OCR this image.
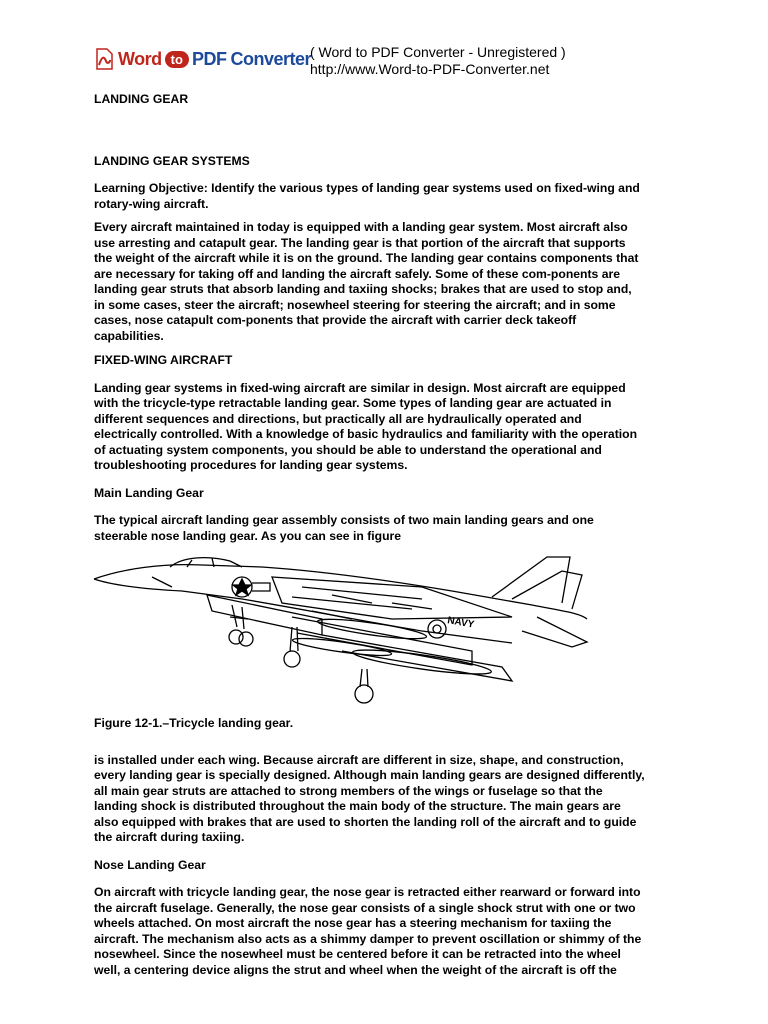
Word to PDF Converter ( Word to PDF Converter - Unregistered )
http://www.Word-to-PDF-Converter.net

LANDING GEAR

LANDING GEAR SYSTEMS

Learning Objective: Identify the various types of landing gear systems used on fixed-wing and
rotary-wing aircraft.

Every aircraft maintained in today is equipped with a landing gear system. Most aircraft also
use arresting and catapult gear. The landing gear is that portion of the aircraft that supports
the weight of the aircraft while it is on the ground. The landing gear contains components that
are necessary for taking off and landing the aircraft safely. Some of these com-ponents are
landing gear struts that absorb landing and taxiing shocks; brakes that are used to stop and,
in some cases, steer the aircraft; nosewheel steering for steering the aircraft; and in some
cases, nose catapult com-ponents that provide the aircraft with carrier deck takeoff
capabilities.

FIXED-WING AIRCRAFT

Landing gear systems in fixed-wing aircraft are similar in design. Most aircraft are equipped
with the tricycle-type retractable landing gear. Some types of landing gear are actuated in
different sequences and directions, but practically all are hydraulically operated and
electrically controlled. With a knowledge of basic hydraulics and familiarity with the operation
of actuating system components, you should be able to understand the operational and
troubleshooting procedures for landing gear systems.

Main Landing Gear

The typical aircraft landing gear assembly consists of two main landing gears and one
steerable nose landing gear. As you can see in figure

Figure 12-1.–Tricycle landing gear.

is installed under each wing. Because aircraft are different in size, shape, and construction,
every landing gear is specially designed. Although main landing gears are designed differently,
all main gear struts are attached to strong members of the wings or fuselage so that the
landing shock is distributed throughout the main body of the structure. The main gears are
also equipped with brakes that are used to shorten the landing roll of the aircraft and to guide
the aircraft during taxiing.

Nose Landing Gear

On aircraft with tricycle landing gear, the nose gear is retracted either rearward or forward into
the aircraft fuselage. Generally, the nose gear consists of a single shock strut with one or two
wheels attached. On most aircraft the nose gear has a steering mechanism for taxiing the
aircraft. The mechanism also acts as a shimmy damper to prevent oscillation or shimmy of the
nosewheel. Since the nosewheel must be centered before it can be retracted into the wheel
well, a centering device aligns the strut and wheel when the weight of the aircraft is off the

NAVY
